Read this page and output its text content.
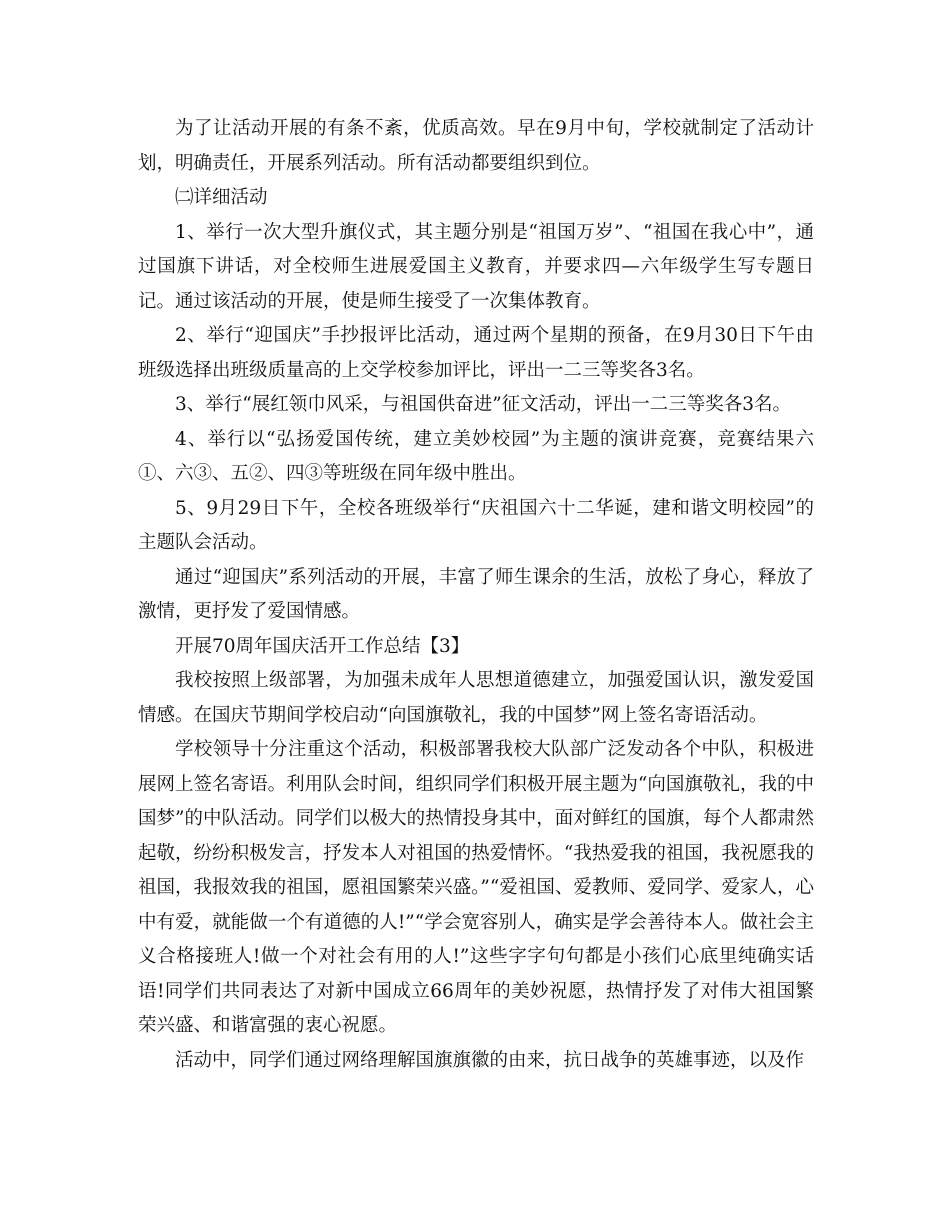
为了让活动开展的有条不紊，优质高效。早在9月中旬，学校就制定了活动计划，明确责任，开展系列活动。所有活动都要组织到位。

㈡详细活动

1、举行一次大型升旗仪式，其主题分别是“祖国万岁”、“祖国在我心中”，通过国旗下讲话，对全校师生进展爱国主义教育，并要求四—六年级学生写专题日记。通过该活动的开展，使是师生接受了一次集体教育。

2、举行“迎国庆”手抄报评比活动，通过两个星期的预备，在9月30日下午由班级选择出班级质量高的上交学校参加评比，评出一二三等奖各3名。

3、举行“展红领巾风采，与祖国供奋进”征文活动，评出一二三等奖各3名。

4、举行以“弘扬爱国传统，建立美妙校园”为主题的演讲竞赛，竞赛结果六①、六③、五②、四③等班级在同年级中胜出。

5、9月29日下午，全校各班级举行“庆祖国六十二华诞，建和谐文明校园”的主题队会活动。

通过“迎国庆”系列活动的开展，丰富了师生课余的生活，放松了身心，释放了激情，更抒发了爱国情感。

开展70周年国庆活开工作总结【3】

我校按照上级部署，为加强未成年人思想道德建立，加强爱国认识，激发爱国情感。在国庆节期间学校启动“向国旗敬礼，我的中国梦”网上签名寄语活动。

学校领导十分注重这个活动，积极部署我校大队部广泛发动各个中队，积极进展网上签名寄语。利用队会时间，组织同学们积极开展主题为“向国旗敬礼，我的中国梦”的中队活动。同学们以极大的热情投身其中，面对鲜红的国旗，每个人都肃然起敬，纷纷积极发言，抒发本人对祖国的热爱情怀。“我热爱我的祖国，我祝愿我的祖国，我报效我的祖国，愿祖国繁荣兴盛。”“爱祖国、爱教师、爱同学、爱家人，心中有爱，就能做一个有道德的人!”“学会宽容别人，确实是学会善待本人。做社会主义合格接班人!做一个对社会有用的人!”这些字字句句都是小孩们心底里纯确实话语!同学们共同表达了对新中国成立66周年的美妙祝愿，热情抒发了对伟大祖国繁荣兴盛、和谐富强的衷心祝愿。

活动中，同学们通过网络理解国旗旗徽的由来，抗日战争的英雄事迹，以及作
